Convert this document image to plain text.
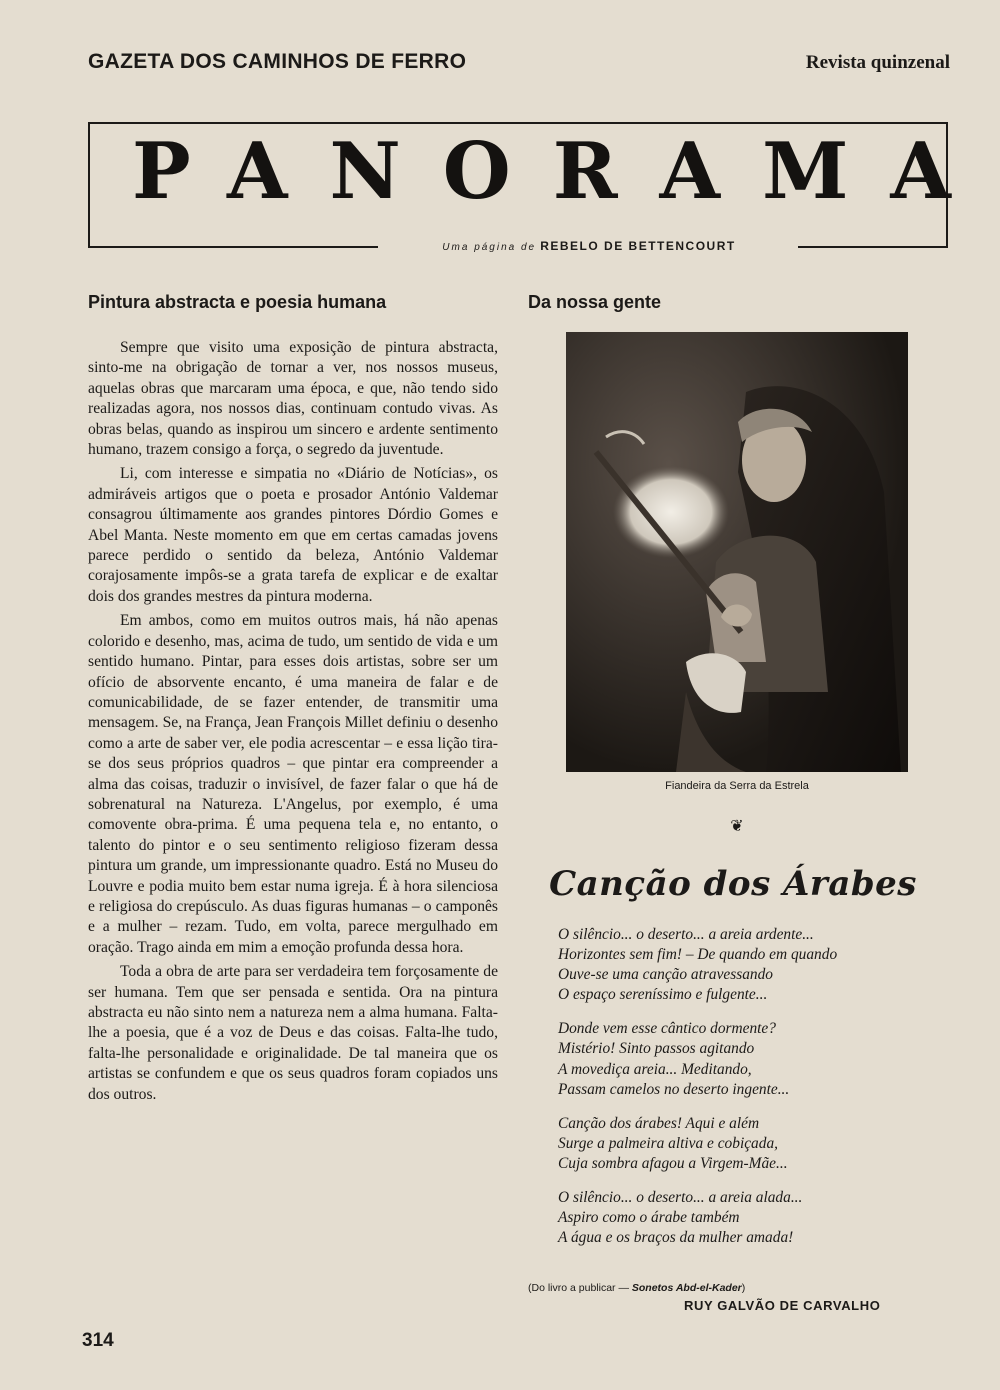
GAZETA DOS CAMINHOS DE FERRO	Revista quinzenal
PANORAMA
Uma página de REBELO DE BETTENCOURT
Pintura abstracta e poesia humana

Sempre que visito uma exposição de pintura abstracta, sinto-me na obrigação de tornar a ver, nos nossos museus, aquelas obras que marcaram uma época, e que, não tendo sido realizadas agora, nos nossos dias, continuam contudo vivas. As obras belas, quando as inspirou um sincero e ardente sentimento humano, trazem consigo a força, o segredo da juventude.

Li, com interesse e simpatia no «Diário de Notícias», os admiráveis artigos que o poeta e prosador António Valdemar consagrou últimamente aos grandes pintores Dórdio Gomes e Abel Manta. Neste momento em que em certas camadas jovens parece perdido o sentido da beleza, António Valdemar corajosamente impôs-se a grata tarefa de explicar e de exaltar dois dos grandes mestres da pintura moderna.

Em ambos, como em muitos outros mais, há não apenas colorido e desenho, mas, acima de tudo, um sentido de vida e um sentido humano. Pintar, para esses dois artistas, sobre ser um ofício de absorvente encanto, é uma maneira de falar e de comunicabilidade, de se fazer entender, de transmitir uma mensagem. Se, na França, Jean François Millet definiu o desenho como a arte de saber ver, ele podia acrescentar – e essa lição tira-se dos seus próprios quadros – que pintar era compreender a alma das coisas, traduzir o invisível, de fazer falar o que há de sobrenatural na Natureza. L'Angelus, por exemplo, é uma comovente obra-prima. É uma pequena tela e, no entanto, o talento do pintor e o seu sentimento religioso fizeram dessa pintura um grande, um impressionante quadro. Está no Museu do Louvre e podia muito bem estar numa igreja. É à hora silenciosa e religiosa do crepúsculo. As duas figuras humanas – o camponês e a mulher – rezam. Tudo, em volta, parece mergulhado em oração. Trago ainda em mim a emoção profunda dessa hora.

Toda a obra de arte para ser verdadeira tem forçosamente de ser humana. Tem que ser pensada e sentida. Ora na pintura abstracta eu não sinto nem a natureza nem a alma humana. Falta-lhe a poesia, que é a voz de Deus e das coisas. Falta-lhe tudo, falta-lhe personalidade e originalidade. De tal maneira que os artistas se confundem e que os seus quadros foram copiados uns dos outros.

Da nossa gente
Fiandeira da Serra da Estrela
❦
Canção dos Árabes
O silêncio... o deserto... a areia ardente...
Horizontes sem fim! – De quando em quando
Ouve-se uma canção atravessando
O espaço sereníssimo e fulgente...
Donde vem esse cântico dormente?
Mistério! Sinto passos agitando
A movediça areia... Meditando,
Passam camelos no deserto ingente...
Canção dos árabes! Aqui e além
Surge a palmeira altiva e cobiçada,
Cuja sombra afagou a Virgem-Mãe...
O silêncio... o deserto... a areia alada...
Aspiro como o árabe também
A água e os braços da mulher amada!
(Do livro a publicar — Sonetos Abd-el-Kader)
RUY GALVÃO DE CARVALHO
314
